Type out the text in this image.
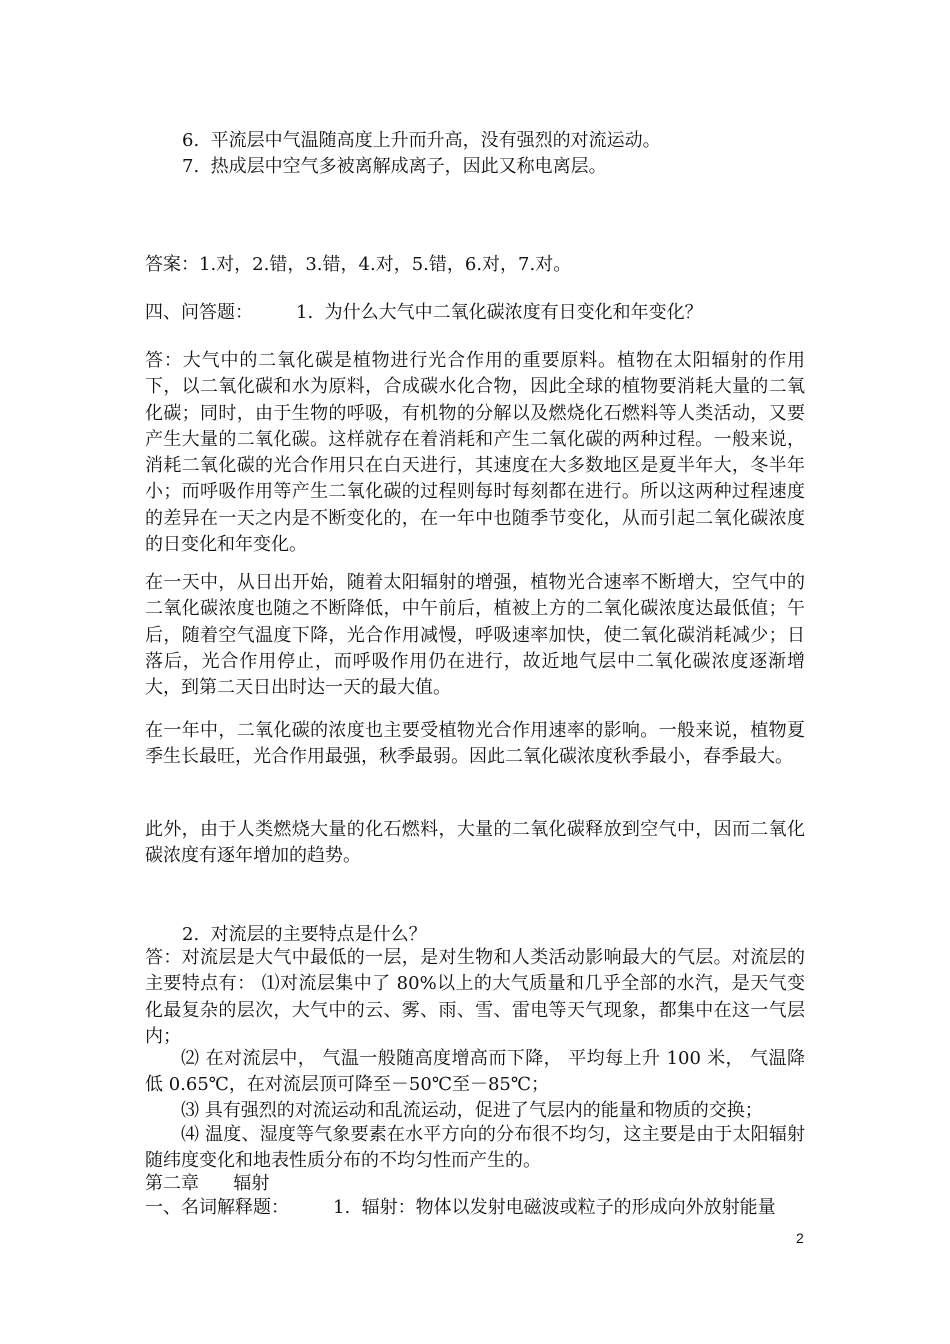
6.  平流层中气温随高度上升而升高，没有强烈的对流运动。
7.  热成层中空气多被离解成离子，因此又称电离层。
答案：1.对，2.错，3.错，4.对，5.错，6.对，7.对。
四、问答题： 1.  为什么大气中二氧化碳浓度有日变化和年变化？
答：大气中的二氧化碳是植物进行光合作用的重要原料。植物在太阳辐射的作用下，以二氧化碳和水为原料，合成碳水化合物，因此全球的植物要消耗大量的二氧化碳；同时，由于生物的呼吸，有机物的分解以及燃烧化石燃料等人类活动，又要产生大量的二氧化碳。这样就存在着消耗和产生二氧化碳的两种过程。一般来说，消耗二氧化碳的光合作用只在白天进行，其速度在大多数地区是夏半年大，冬半年小；而呼吸作用等产生二氧化碳的过程则每时每刻都在进行。所以这两种过程速度的差异在一天之内是不断变化的，在一年中也随季节变化，从而引起二氧化碳浓度的日变化和年变化。
在一天中，从日出开始，随着太阳辐射的增强，植物光合速率不断增大，空气中的二氧化碳浓度也随之不断降低，中午前后，植被上方的二氧化碳浓度达最低值；午后，随着空气温度下降，光合作用减慢，呼吸速率加快，使二氧化碳消耗减少；日落后，光合作用停止，而呼吸作用仍在进行，故近地气层中二氧化碳浓度逐渐增大，到第二天日出时达一天的最大值。
在一年中，二氧化碳的浓度也主要受植物光合作用速率的影响。一般来说，植物夏季生长最旺，光合作用最强，秋季最弱。因此二氧化碳浓度秋季最小，春季最大。
此外，由于人类燃烧大量的化石燃料，大量的二氧化碳释放到空气中，因而二氧化碳浓度有逐年增加的趋势。
2.  对流层的主要特点是什么？
答：对流层是大气中最低的一层，是对生物和人类活动影响最大的气层。对流层的主要特点有： ⑴对流层集中了 80%以上的大气质量和几乎全部的水汽，是天气变化最复杂的层次，大气中的云、雾、雨、雪、雷电等天气现象，都集中在这一气层内；
⑵ 在对流层中， 气温一般随高度增高而下降， 平均每上升 100 米， 气温降低 0.65℃，在对流层顶可降至－50℃至－85℃；
⑶ 具有强烈的对流运动和乱流运动，促进了气层内的能量和物质的交换；
⑷ 温度、湿度等气象要素在水平方向的分布很不均匀，这主要是由于太阳辐射随纬度变化和地表性质分布的不均匀性而产生的。
第二章      辐射
一、名词解释题： 1.  辐射：物体以发射电磁波或粒子的形成向外放射能量
2
